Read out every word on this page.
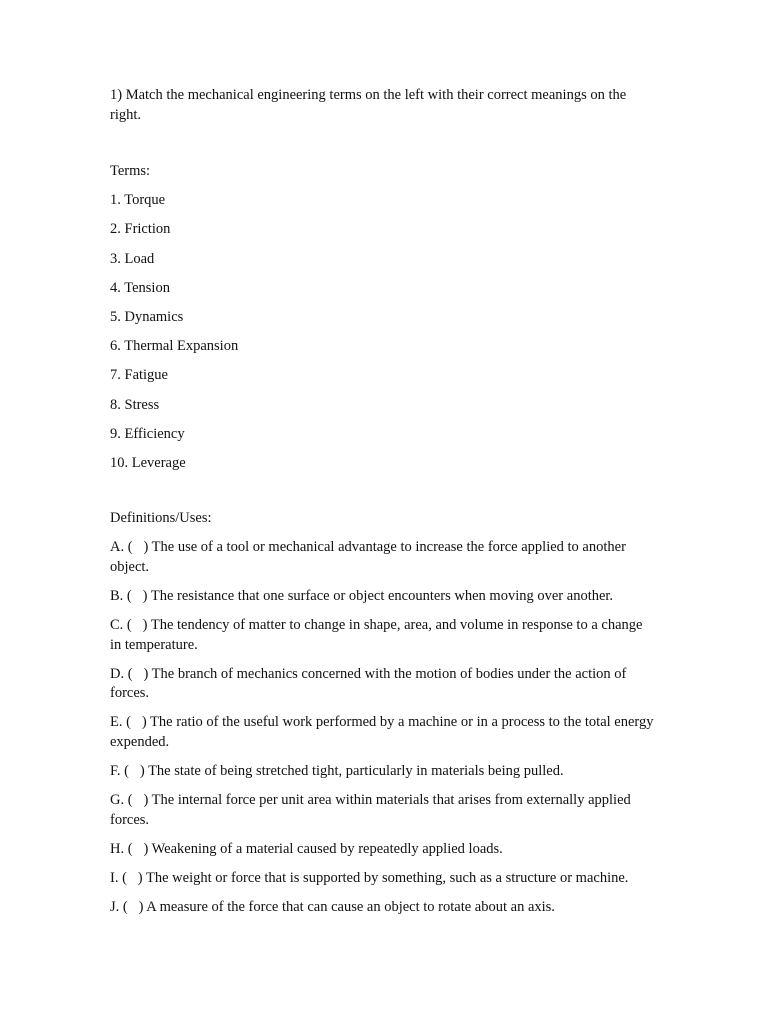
1) Match the mechanical engineering terms on the left with their correct meanings on the right.

Terms:

1. Torque
2. Friction
3. Load
4. Tension
5. Dynamics
6. Thermal Expansion
7. Fatigue
8. Stress
9. Efficiency
10. Leverage

Definitions/Uses:

A. (   ) The use of a tool or mechanical advantage to increase the force applied to another object.
B. (   ) The resistance that one surface or object encounters when moving over another.
C. (   ) The tendency of matter to change in shape, area, and volume in response to a change in temperature.
D. (   ) The branch of mechanics concerned with the motion of bodies under the action of forces.
E. (   ) The ratio of the useful work performed by a machine or in a process to the total energy expended.
F. (   ) The state of being stretched tight, particularly in materials being pulled.
G. (   ) The internal force per unit area within materials that arises from externally applied forces.
H. (   ) Weakening of a material caused by repeatedly applied loads.
I. (   ) The weight or force that is supported by something, such as a structure or machine.
J. (   ) A measure of the force that can cause an object to rotate about an axis.
